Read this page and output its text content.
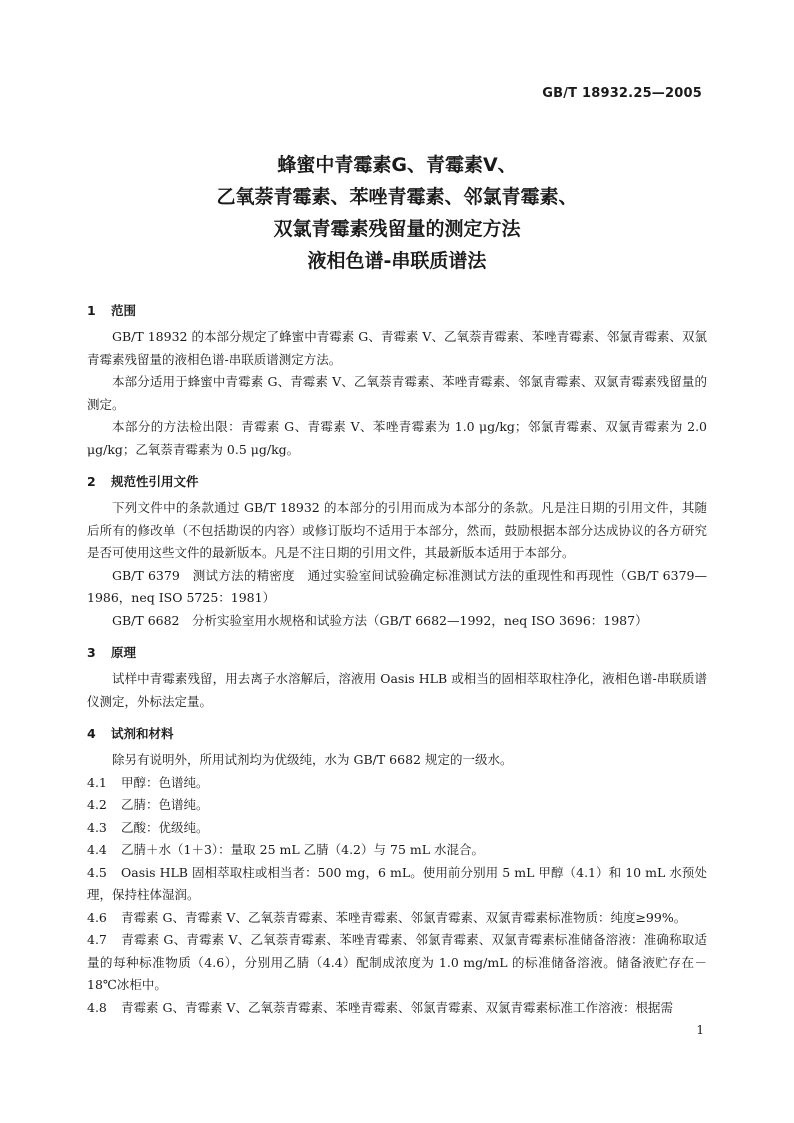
GB/T 18932.25—2005
蜂蜜中青霉素G、青霉素V、
乙氧萘青霉素、苯唑青霉素、邻氯青霉素、
双氯青霉素残留量的测定方法
液相色谱-串联质谱法
1 范围

GB/T 18932 的本部分规定了蜂蜜中青霉素 G、青霉素 V、乙氧萘青霉素、苯唑青霉素、邻氯青霉素、双氯青霉素残留量的液相色谱-串联质谱测定方法。

本部分适用于蜂蜜中青霉素 G、青霉素 V、乙氧萘青霉素、苯唑青霉素、邻氯青霉素、双氯青霉素残留量的测定。

本部分的方法检出限：青霉素 G、青霉素 V、苯唑青霉素为 1.0 μg/kg；邻氯青霉素、双氯青霉素为 2.0 μg/kg；乙氧萘青霉素为 0.5 μg/kg。

2 规范性引用文件

下列文件中的条款通过 GB/T 18932 的本部分的引用而成为本部分的条款。凡是注日期的引用文件，其随后所有的修改单（不包括勘误的内容）或修订版均不适用于本部分，然而，鼓励根据本部分达成协议的各方研究是否可使用这些文件的最新版本。凡是不注日期的引用文件，其最新版本适用于本部分。

GB/T 6379　测试方法的精密度　通过实验室间试验确定标准测试方法的重现性和再现性（GB/T 6379—1986，neq ISO 5725：1981）

GB/T 6682　分析实验室用水规格和试验方法（GB/T 6682—1992，neq ISO 3696：1987）

3 原理

试样中青霉素残留，用去离子水溶解后，溶液用 Oasis HLB 或相当的固相萃取柱净化，液相色谱-串联质谱仪测定，外标法定量。

4 试剂和材料

除另有说明外，所用试剂均为优级纯，水为 GB/T 6682 规定的一级水。

4.1 甲醇：色谱纯。

4.2 乙腈：色谱纯。

4.3 乙酸：优级纯。

4.4 乙腈＋水（1＋3）：量取 25 mL 乙腈（4.2）与 75 mL 水混合。

4.5 Oasis HLB 固相萃取柱或相当者：500 mg，6 mL。使用前分别用 5 mL 甲醇（4.1）和 10 mL 水预处理，保持柱体湿润。

4.6 青霉素 G、青霉素 V、乙氧萘青霉素、苯唑青霉素、邻氯青霉素、双氯青霉素标准物质：纯度≥99%。

4.7 青霉素 G、青霉素 V、乙氧萘青霉素、苯唑青霉素、邻氯青霉素、双氯青霉素标准储备溶液：准确称取适量的每种标准物质（4.6），分别用乙腈（4.4）配制成浓度为 1.0 mg/mL 的标准储备溶液。储备液贮存在－18℃冰柜中。

4.8 青霉素 G、青霉素 V、乙氧萘青霉素、苯唑青霉素、邻氯青霉素、双氯青霉素标准工作溶液：根据需

1
